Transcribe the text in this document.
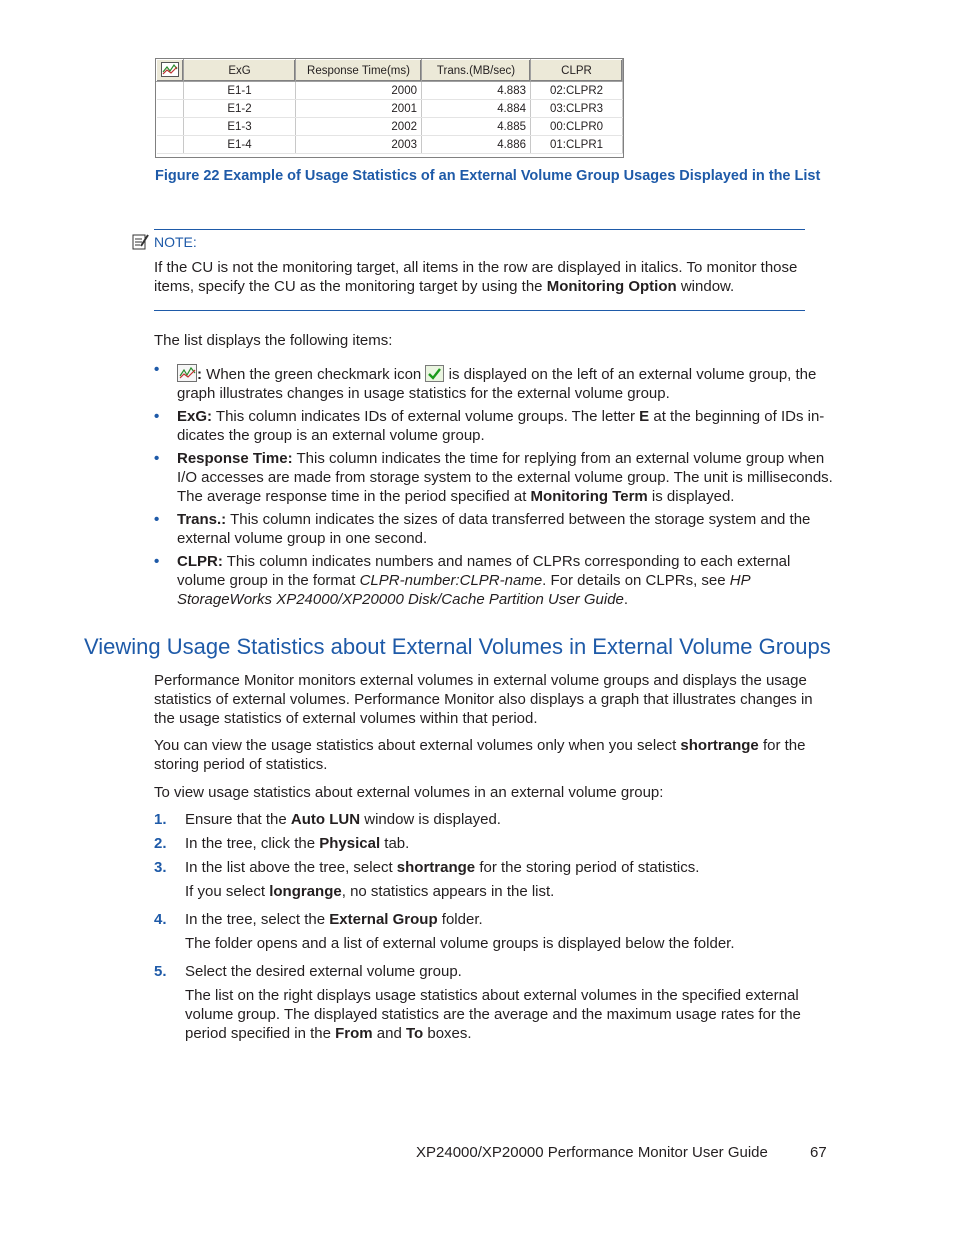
	ExG	Response Time(ms)	Trans.(MB/sec)	CLPR
	E1-1	2000	4.883	02:CLPR2
	E1-2	2001	4.884	03:CLPR3
	E1-3	2002	4.885	00:CLPR0
	E1-4	2003	4.886	01:CLPR1
Figure 22 Example of Usage Statistics of an External Volume Group Usages Displayed in the List
NOTE:
If the CU is not the monitoring target, all items in the row are displayed in italics. To monitor those items, specify the CU as the monitoring target by using the Monitoring Option window.
The list displays the following items:
•	: When the green checkmark icon
is displayed on the left of an external volume group, the graph illustrates changes in usage statistics for the external volume group.
• ExG: This column indicates IDs of external volume groups. The letter E at the beginning of IDs in-dicates the group is an external volume group.
• Response Time: This column indicates the time for replying from an external volume group when I/O accesses are made from storage system to the external volume group. The unit is milliseconds. The average response time in the period specified at Monitoring Term is displayed.
• Trans.: This column indicates the sizes of data transferred between the storage system and the external volume group in one second.
• CLPR: This column indicates numbers and names of CLPRs corresponding to each external volume group in the format CLPR-number:CLPR-name. For details on CLPRs, see HP StorageWorks XP24000/XP20000 Disk/Cache Partition User Guide.
Viewing Usage Statistics about External Volumes in External Volume Groups
Performance Monitor monitors external volumes in external volume groups and displays the usage statistics of external volumes. Performance Monitor also displays a graph that illustrates changes in the usage statistics of external volumes within that period.
You can view the usage statistics about external volumes only when you select shortrange for the storing period of statistics.
To view usage statistics about external volumes in an external volume group:
1. Ensure that the Auto LUN window is displayed.
2. In the tree, click the Physical tab.
3. In the list above the tree, select shortrange for the storing period of statistics.
If you select longrange, no statistics appears in the list.
4. In the tree, select the External Group folder.
The folder opens and a list of external volume groups is displayed below the folder.
5. Select the desired external volume group.
The list on the right displays usage statistics about external volumes in the specified external volume group. The displayed statistics are the average and the maximum usage rates for the period specified in the From and To boxes.
XP24000/XP20000 Performance Monitor User Guide	67
